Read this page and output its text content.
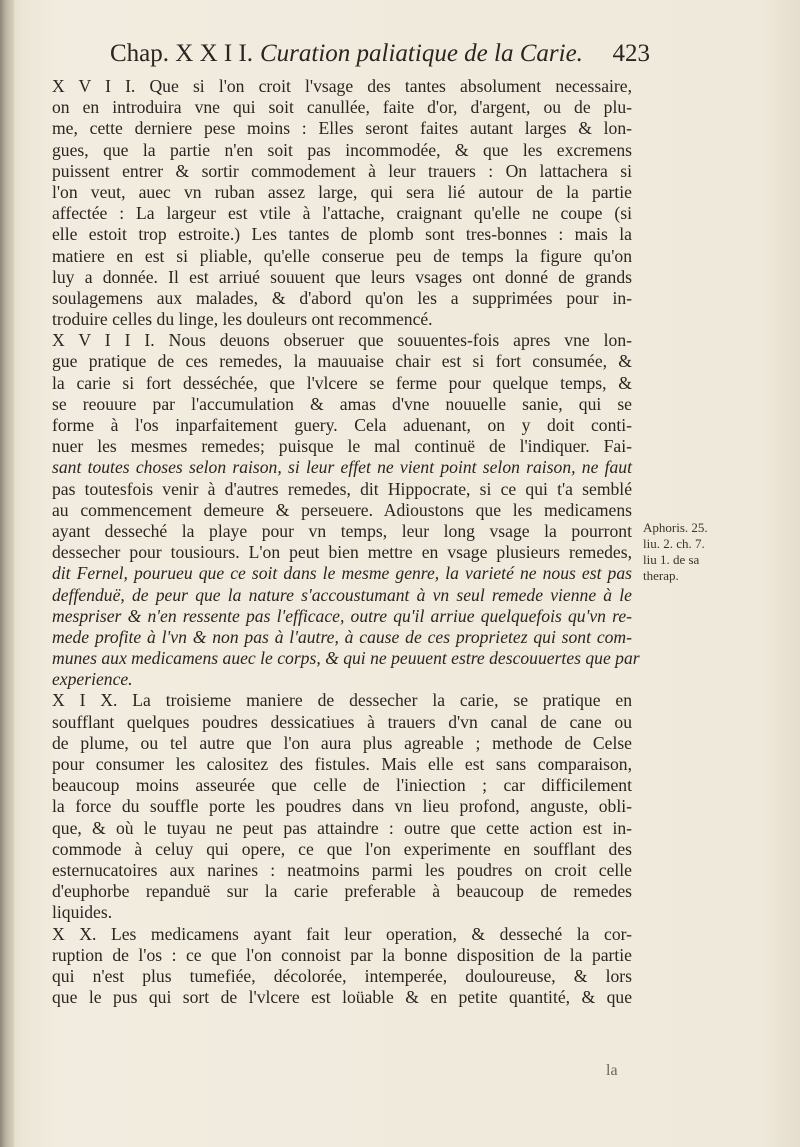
Chap. X X I I. Curation paliatique de la Carie. 423
X V I I. Que si l'on croit l'vsage des tantes absolument necessaire,
on en introduira vne qui soit canullée, faite d'or, d'argent, ou de plu-
me, cette derniere pese moins : Elles seront faites autant larges & lon-
gues, que la partie n'en soit pas incommodée, & que les excremens
puissent entrer & sortir commodement à leur trauers : On lattachera si
l'on veut, auec vn ruban assez large, qui sera lié autour de la partie
affectée : La largeur est vtile à l'attache, craignant qu'elle ne coupe (si
elle estoit trop estroite.) Les tantes de plomb sont tres-bonnes : mais la
matiere en est si pliable, qu'elle conserue peu de temps la figure qu'on
luy a donnée. Il est arriué souuent que leurs vsages ont donné de grands
soulagemens aux malades, & d'abord qu'on les a supprimées pour in-
troduire celles du linge, les douleurs ont recommencé.
X V I I I. Nous deuons obseruer que souuentes-fois apres vne lon-
gue pratique de ces remedes, la mauuaise chair est si fort consumée, &
la carie si fort desséchée, que l'vlcere se ferme pour quelque temps, &
se reouure par l'accumulation & amas d'vne nouuelle sanie, qui se
forme à l'os inparfaitement guery. Cela aduenant, on y doit conti-
nuer les mesmes remedes; puisque le mal continuë de l'indiquer. Fai-
sant toutes choses selon raison, si leur effet ne vient point selon raison, ne faut
pas toutesfois venir à d'autres remedes, dit Hippocrate, si ce qui t'a semblé
au commencement demeure & perseuere. Adioustons que les medicamens
ayant desseché la playe pour vn temps, leur long vsage la pourront
dessecher pour tousiours. L'on peut bien mettre en vsage plusieurs remedes,
dit Fernel, pourueu que ce soit dans le mesme genre, la varieté ne nous est pas
deffenduë, de peur que la nature s'accoustumant à vn seul remede vienne à le
mespriser & n'en ressente pas l'efficace, outre qu'il arriue quelquefois qu'vn re-
mede profite à l'vn & non pas à l'autre, à cause de ces proprietez qui sont com-
munes aux medicamens auec le corps, & qui ne peuuent estre descouuertes que par
experience.
X I X. La troisieme maniere de dessecher la carie, se pratique en
soufflant quelques poudres dessicatiues à trauers d'vn canal de cane ou
de plume, ou tel autre que l'on aura plus agreable ; methode de Celse
pour consumer les calositez des fistules. Mais elle est sans comparaison,
beaucoup moins asseurée que celle de l'iniection ; car difficilement
la force du souffle porte les poudres dans vn lieu profond, angustе, obli-
que, & où le tuyau ne peut pas attaindre : outre que cette action est in-
commode à celuy qui opere, ce que l'on experimente en soufflant des
esternucatoires aux narines : neatmoins parmi les poudres on croit celle
d'euphorbe repanduë sur la carie preferable à beaucoup de remedes
liquides.
X X. Les medicamens ayant fait leur operation, & desseché la cor-
ruption de l'os : ce que l'on connoist par la bonne disposition de la partie
qui n'est plus tumefiée, décolorée, intemperée, douloureuse, & lors
que le pus qui sort de l'vlcere est loüable & en petite quantité, & que
Aphoris. 25.
liu. 2. ch. 7.
liu 1. de sa
therap.
la
